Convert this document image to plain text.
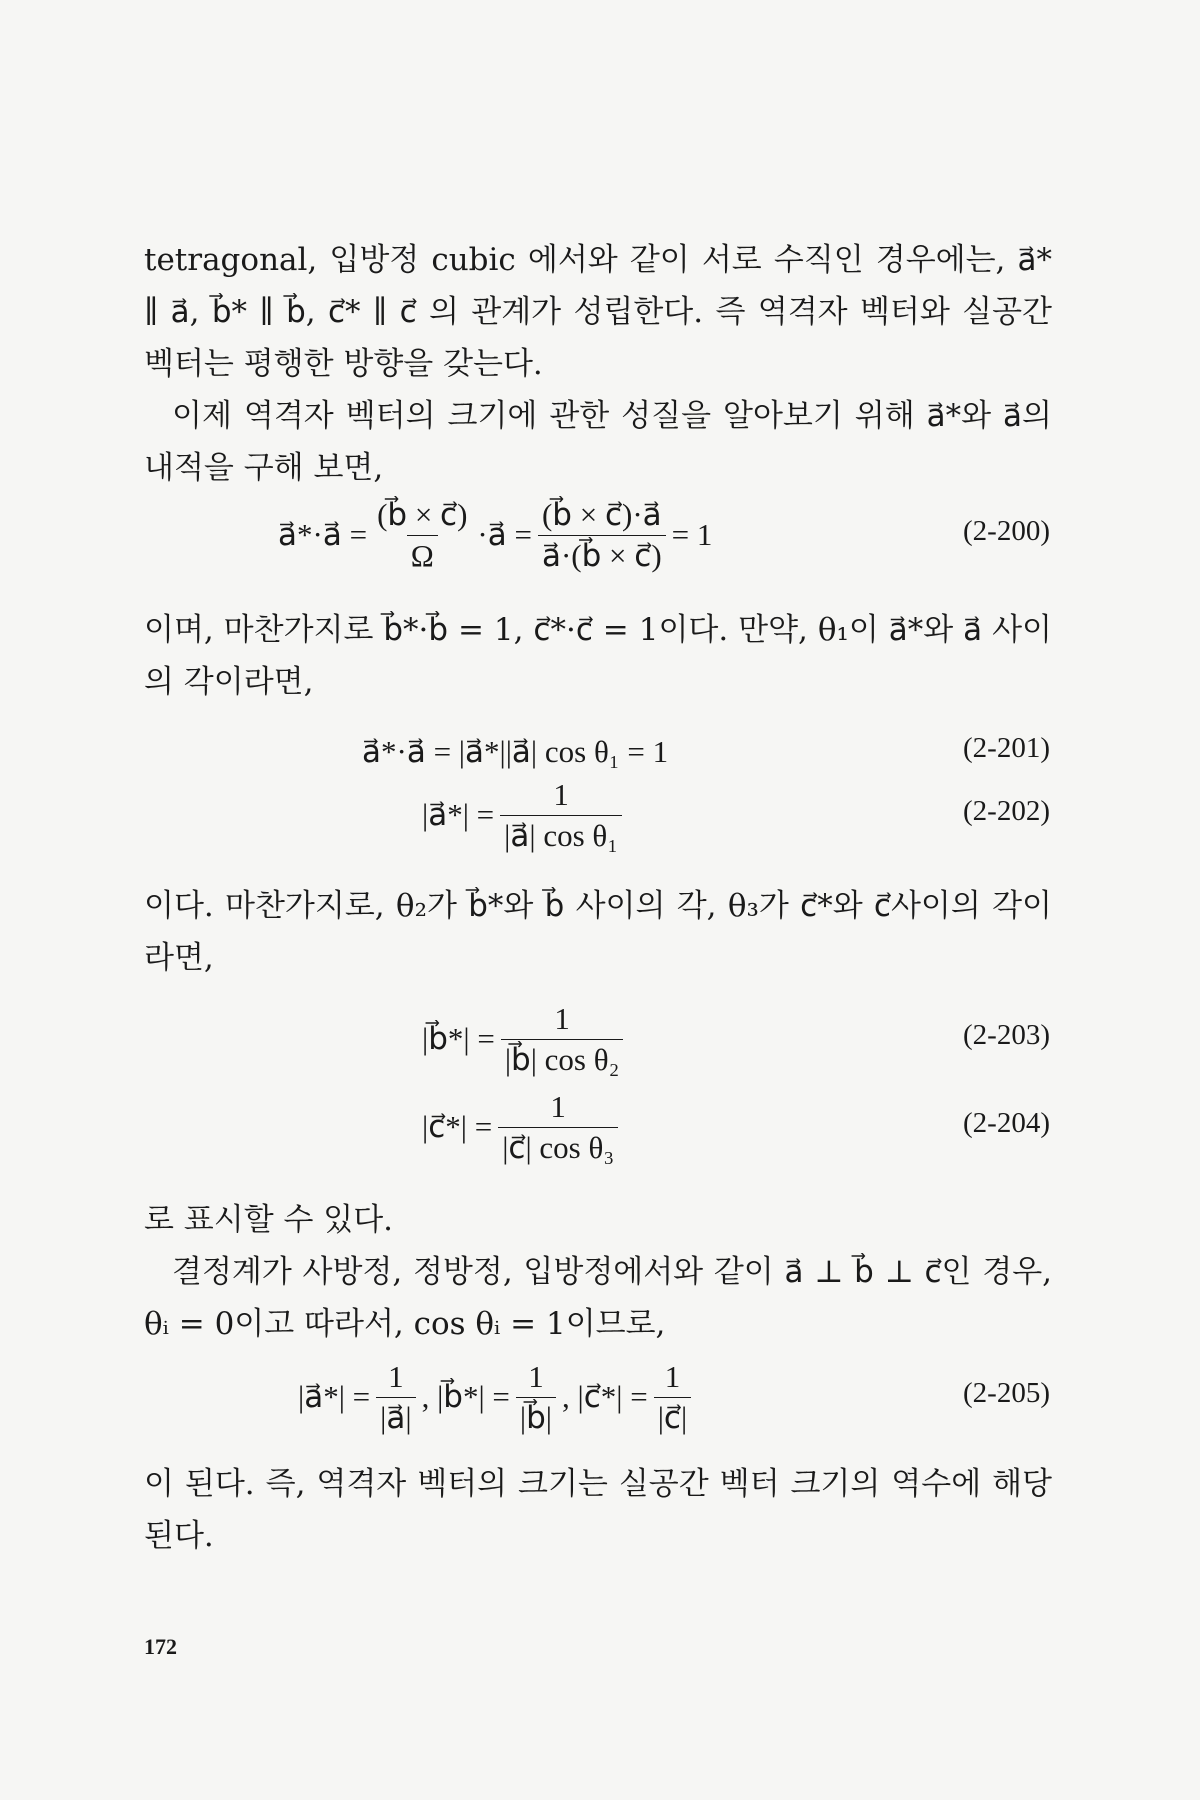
tetragonal, 입방정 cubic 에서와 같이 서로 수직인 경우에는, a⃗* ∥ a⃗, b⃗* ∥ b⃗, c⃗* ∥ c⃗ 의 관계가 성립한다. 즉 역격자 벡터와 실공간 벡터는 평행한 방향을 갖는다.

이제 역격자 벡터의 크기에 관한 성질을 알아보기 위해 a⃗*와 a⃗의 내적을 구해 보면,

a⃗*·a⃗ = $\frac{(b⃗ \times c⃗)}{\Omega}$ ·a⃗ = $\frac{(b⃗ \times c⃗)\cdot a⃗}{a⃗\cdot(b⃗ \times c⃗)} = 1$	(2-200)

이며, 마찬가지로 b⃗*·b⃗ = 1, c⃗*·c⃗ = 1이다. 만약, θ₁이 a⃗*와 a⃗ 사이의 각이라면,

a⃗*·a⃗ = |a⃗*||a⃗| cos θ₁ = 1	(2-201)
|a⃗*| = $\frac{1}{\text{|a⃗| cos θ₁}}$	(2-202)

이다. 마찬가지로, θ₂가 b⃗*와 b⃗ 사이의 각, θ₃가 c⃗*와 c⃗사이의 각이라면,

|b⃗*| = $\frac{1}{\text{|b⃗| cos θ₂}}$	(2-203)
|c⃗*| = $\frac{1}{\text{|c⃗| cos θ₃}}$	(2-204)

로 표시할 수 있다.

결정계가 사방정, 정방정, 입방정에서와 같이 a⃗ ⊥ b⃗ ⊥ c⃗인 경우, θᵢ = 0이고 따라서, cos θᵢ = 1이므로,

|a⃗*| = $\frac{1}{|a⃗|}$ , |b⃗*| = $\frac{1}{|b⃗|}$ , |c⃗*| = $\frac{1}{|c⃗|}$	(2-205)

이 된다. 즉, 역격자 벡터의 크기는 실공간 벡터 크기의 역수에 해당된다.

172
